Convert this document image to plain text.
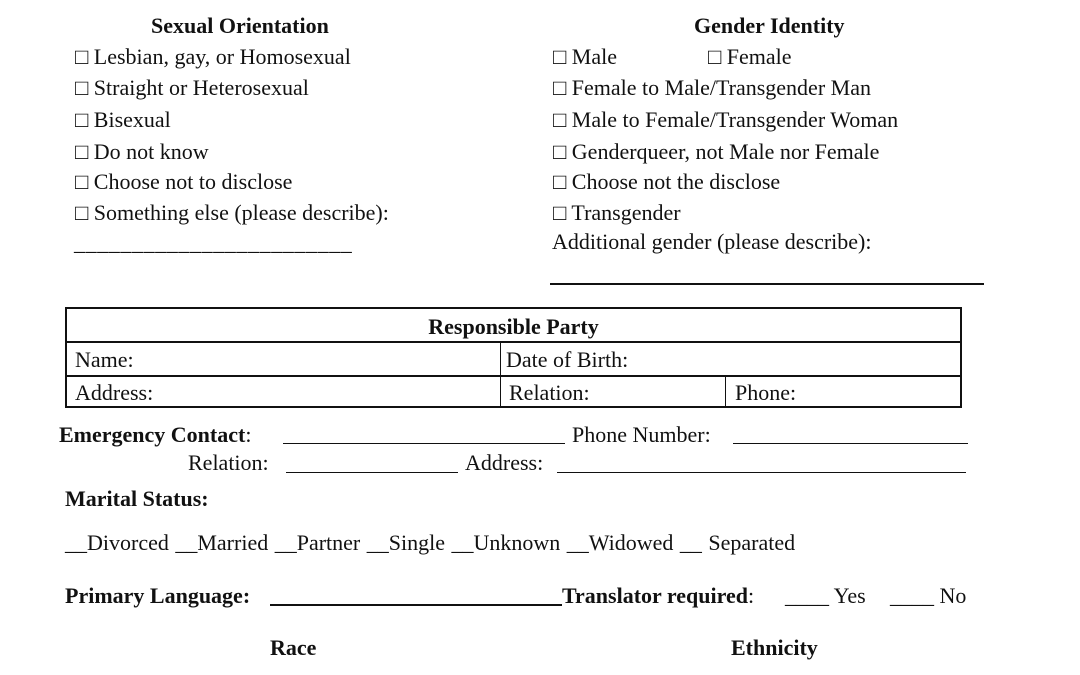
Sexual Orientation
□ Lesbian, gay, or Homosexual
□ Straight or Heterosexual
□ Bisexual
□ Do not know
□ Choose not to disclose
□ Something else (please describe):
________________________
Gender Identity
□ Male	□ Female
□ Female to Male/Transgender Man
□ Male to Female/Transgender Woman
□ Genderqueer, not Male nor Female
□ Choose not the disclose
□ Transgender
Additional gender (please describe):
Responsible Party
Name:	Date of Birth:
Address:	Relation:	Phone:
Emergency Contact:	Phone Number:
Relation:	Address:
Marital Status:
__Divorced __Married __Partner __Single __Unknown __Widowed __ Separated
Primary Language:	Translator required: ____ Yes ____ No
Race	Ethnicity
